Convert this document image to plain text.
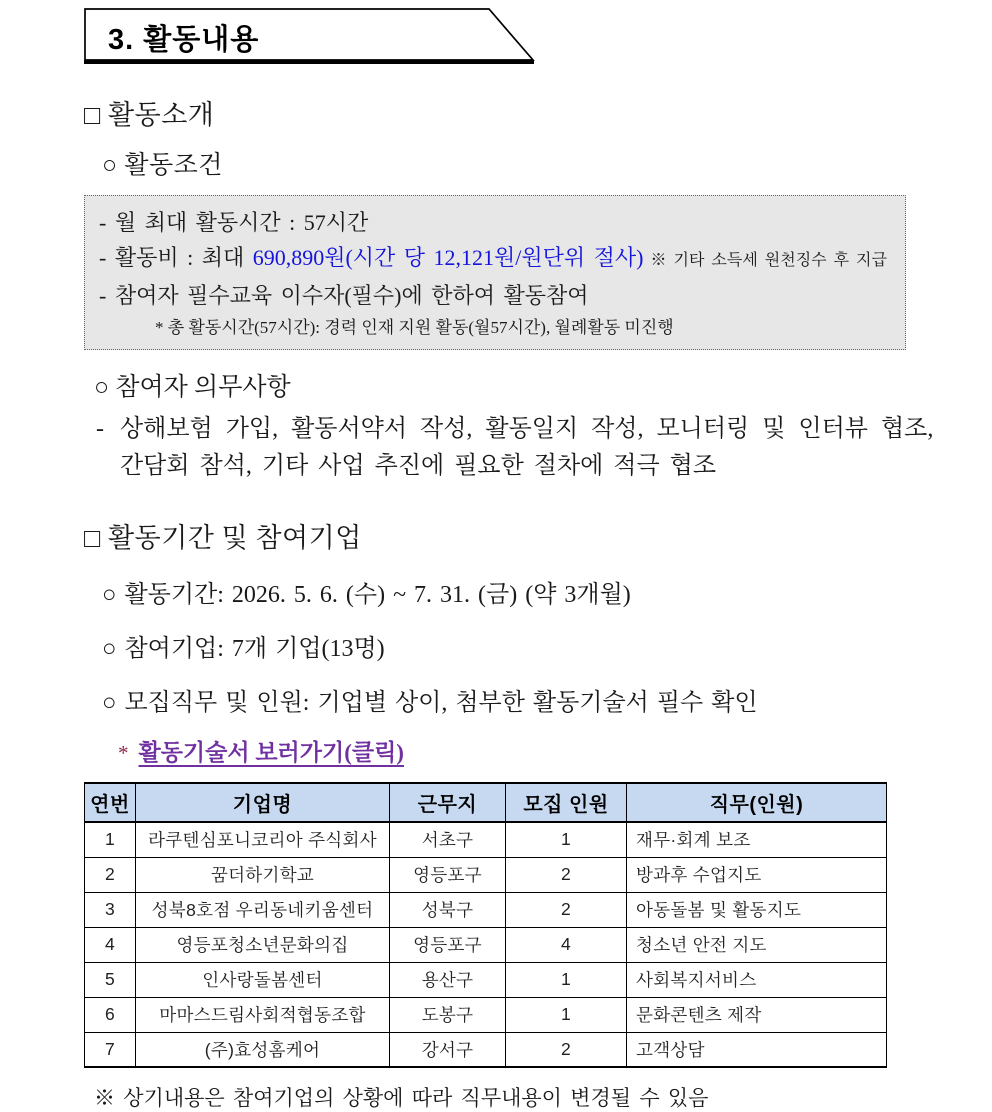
3. 활동내용
□ 활동소개
○ 활동조건
- 월 최대 활동시간 : 57시간
- 활동비 : 최대 690,890원(시간 당 12,121원/원단위 절사) ※ 기타 소득세 원천징수 후 지급
- 참여자 필수교육 이수자(필수)에 한하여 활동참여
* 총 활동시간(57시간): 경력 인재 지원 활동(월57시간), 월례활동 미진행
○ 참여자 의무사항
- 상해보험 가입, 활동서약서 작성, 활동일지 작성, 모니터링 및 인터뷰 협조,
간담회 참석, 기타 사업 추진에 필요한 절차에 적극 협조
□ 활동기간 및 참여기업
○ 활동기간: 2026. 5. 6. (수) ~ 7. 31. (금) (약 3개월)
○ 참여기업: 7개 기업(13명)
○ 모집직무 및 인원: 기업별 상이, 첨부한 활동기술서 필수 확인
* 활동기술서 보러가기(클릭)
연번	기업명	근무지	모집 인원	직무(인원)
1	라쿠텐심포니코리아 주식회사	서초구	1	재무·회계 보조
2	꿈더하기학교	영등포구	2	방과후 수업지도
3	성북8호점 우리동네키움센터	성북구	2	아동돌봄 및 활동지도
4	영등포청소년문화의집	영등포구	4	청소년 안전 지도
5	인사랑돌봄센터	용산구	1	사회복지서비스
6	마마스드림사회적협동조합	도봉구	1	문화콘텐츠 제작
7	(주)효성홈케어	강서구	2	고객상담
※ 상기내용은 참여기업의 상황에 따라 직무내용이 변경될 수 있음
